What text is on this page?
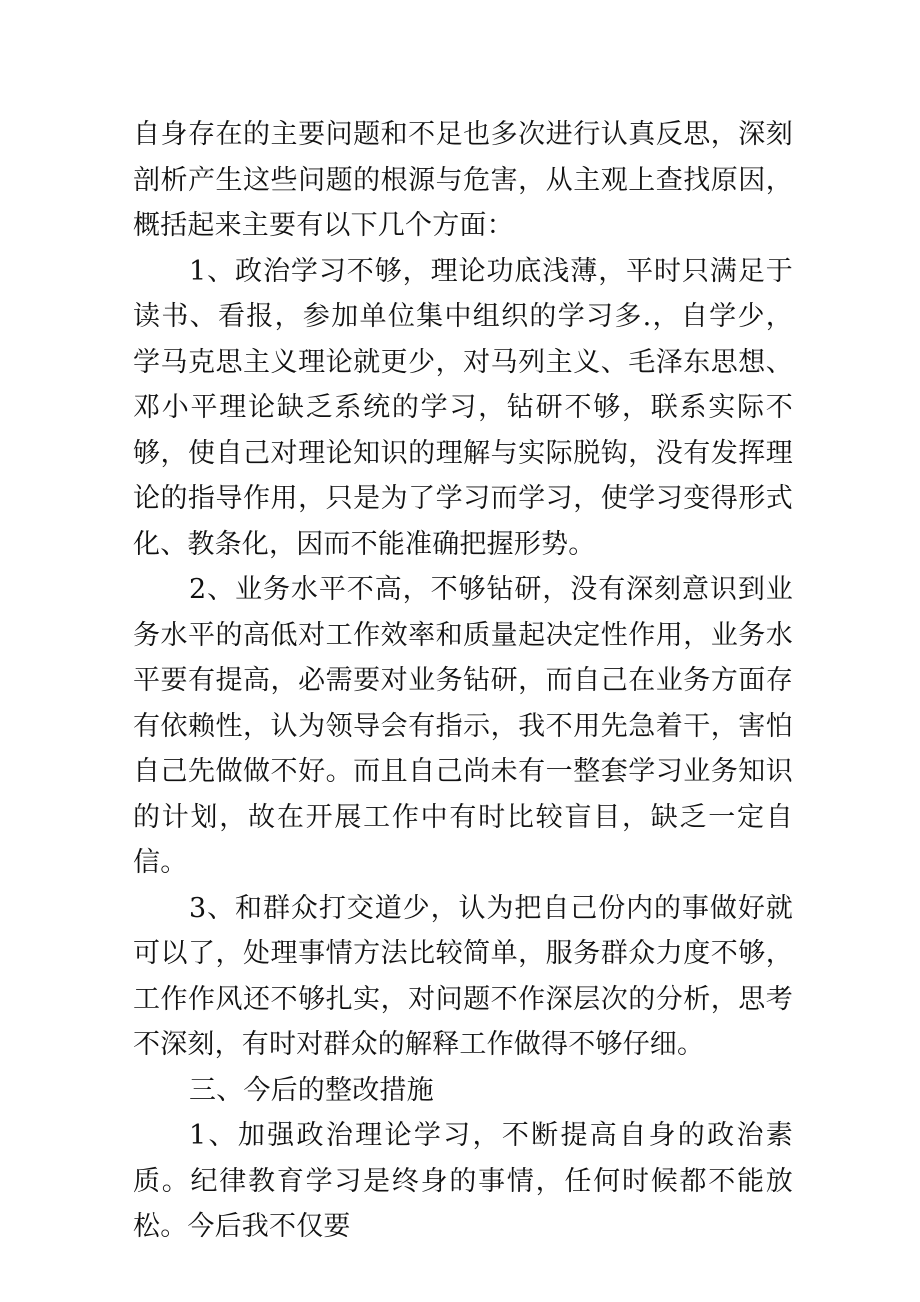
自身存在的主要问题和不足也多次进行认真反思，深刻剖析产生这些问题的根源与危害，从主观上查找原因，概括起来主要有以下几个方面：

1、政治学习不够，理论功底浅薄，平时只满足于读书、看报，参加单位集中组织的学习多.，自学少，学马克思主义理论就更少，对马列主义、毛泽东思想、邓小平理论缺乏系统的学习，钻研不够，联系实际不够，使自己对理论知识的理解与实际脱钩，没有发挥理论的指导作用，只是为了学习而学习，使学习变得形式化、教条化，因而不能准确把握形势。

2、业务水平不高，不够钻研，没有深刻意识到业务水平的高低对工作效率和质量起决定性作用，业务水平要有提高，必需要对业务钻研，而自己在业务方面存有依赖性，认为领导会有指示，我不用先急着干，害怕自己先做做不好。而且自己尚未有一整套学习业务知识的计划，故在开展工作中有时比较盲目，缺乏一定自信。

3、和群众打交道少，认为把自己份内的事做好就可以了，处理事情方法比较简单，服务群众力度不够，工作作风还不够扎实，对问题不作深层次的分析，思考不深刻，有时对群众的解释工作做得不够仔细。

三、今后的整改措施

1、加强政治理论学习，不断提高自身的政治素质。纪律教育学习是终身的事情，任何时候都不能放松。今后我不仅要
